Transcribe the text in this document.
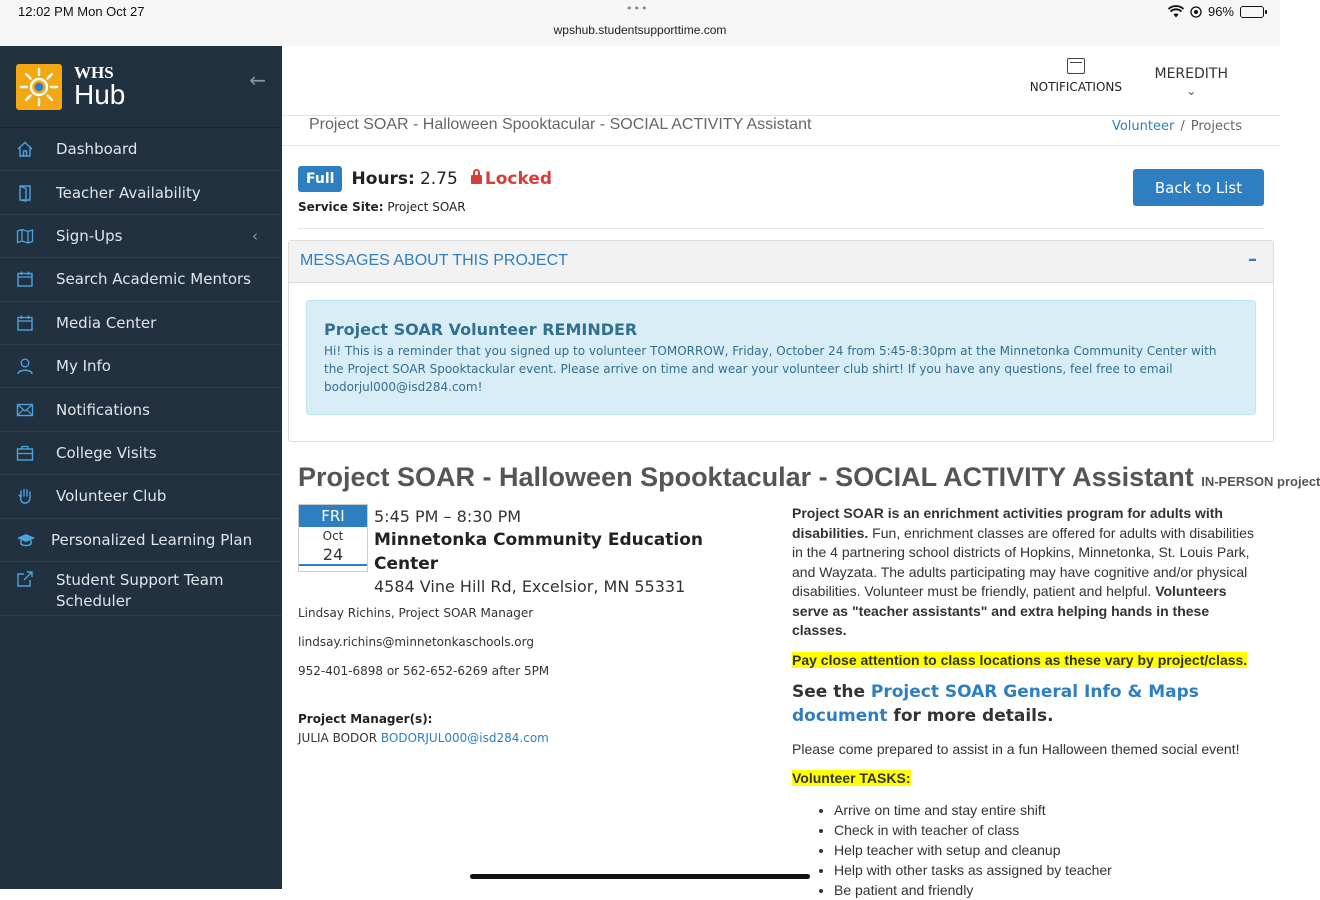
12:02 PM Mon Oct 27	•••
wpshub.studentsupporttime.com
96%
WHS
Hub	←
Dashboard
Teacher Availability
Sign-Ups	‹
Search Academic Mentors
Media Center
My Info
Notifications
College Visits
Volunteer Club
Personalized Learning Plan
Student Support Team Scheduler
NOTIFICATIONS
MEREDITH
⌄
Project SOAR - Halloween Spooktacular - SOCIAL ACTIVITY Assistant	Volunteer / Projects
Full Hours: 2.75 Locked
Service Site: Project SOAR
Back to List
MESSAGES ABOUT THIS PROJECT	–
Project SOAR Volunteer REMINDER
Hi! This is a reminder that you signed up to volunteer TOMORROW, Friday, October 24 from 5:45-8:30pm at the Minnetonka Community Center with the Project SOAR Spooktackular event. Please arrive on time and wear your volunteer club shirt! If you have any questions, feel free to email bodorjul000@isd284.com!
Project SOAR - Halloween Spooktacular - SOCIAL ACTIVITY Assistant IN-PERSON project
FRI
Oct
24
5:45 PM – 8:30 PM
Minnetonka Community Education Center
4584 Vine Hill Rd, Excelsior, MN 55331
Lindsay Richins, Project SOAR Manager
lindsay.richins@minnetonkaschools.org
952-401-6898 or 562-652-6269 after 5PM
Project Manager(s):
JULIA BODOR BODORJUL000@isd284.com
Project SOAR is an enrichment activities program for adults with disabilities. Fun, enrichment classes are offered for adults with disabilities in the 4 partnering school districts of Hopkins, Minnetonka, St. Louis Park, and Wayzata. The adults participating may have cognitive and/or physical disabilities. Volunteer must be friendly, patient and helpful. Volunteers serve as "teacher assistants" and extra helping hands in these classes.
Pay close attention to class locations as these vary by project/class.
See the Project SOAR General Info & Maps document for more details.
Please come prepared to assist in a fun Halloween themed social event!
Volunteer TASKS:
• Arrive on time and stay entire shift
• Check in with teacher of class
• Help teacher with setup and cleanup
• Help with other tasks as assigned by teacher
• Be patient and friendly
